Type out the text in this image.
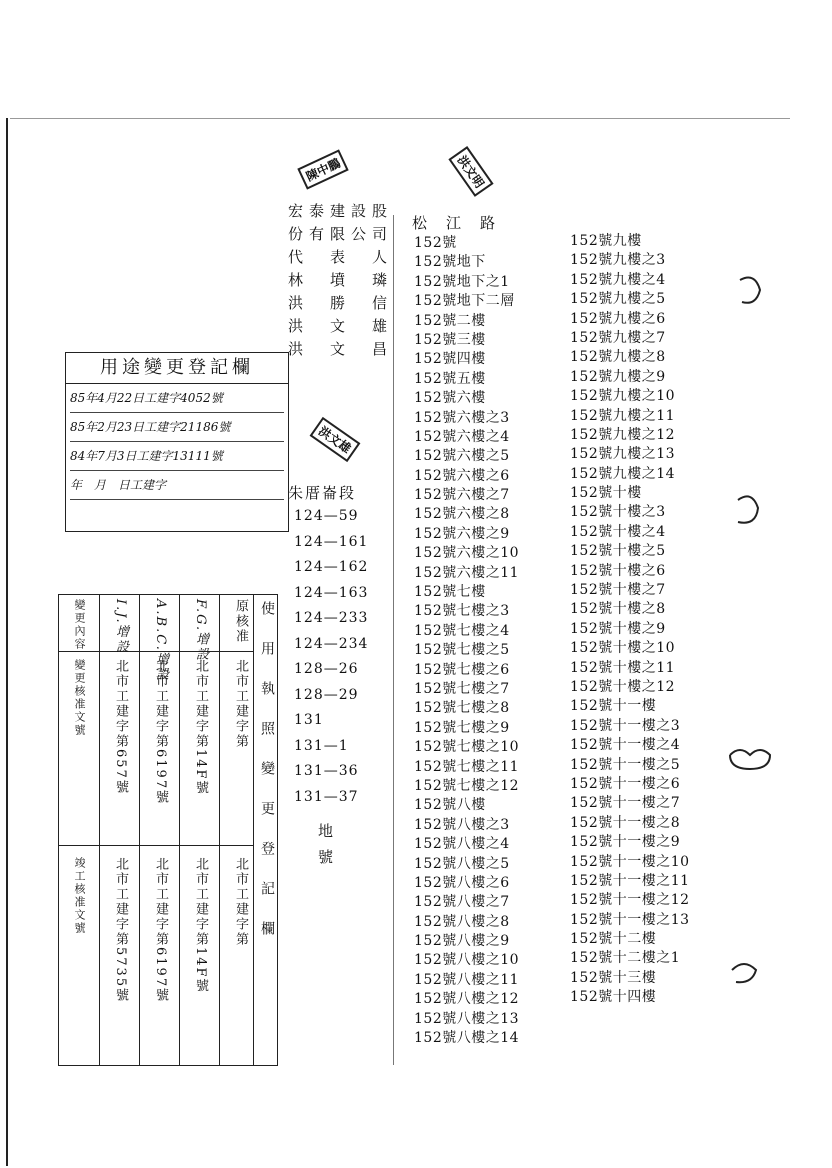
陳中鵬	洪文明
洪文雄
宏泰建設股
份有限公司
代　表　人
林　墳　璘
洪　勝　信
洪　文　雄
洪　文　昌
朱厝崙段
124—59
124—161
124—162
124—163
124—233
124—234
128—26
128—29
131
131—1
131—36
131—37
地
號
松　江　路
152號
152號地下
152號地下之1
152號地下二層
152號二樓
152號三樓
152號四樓
152號五樓
152號六樓
152號六樓之3
152號六樓之4
152號六樓之5
152號六樓之6
152號六樓之7
152號六樓之8
152號六樓之9
152號六樓之10
152號六樓之11
152號七樓
152號七樓之3
152號七樓之4
152號七樓之5
152號七樓之6
152號七樓之7
152號七樓之8
152號七樓之9
152號七樓之10
152號七樓之11
152號七樓之12
152號八樓
152號八樓之3
152號八樓之4
152號八樓之5
152號八樓之6
152號八樓之7
152號八樓之8
152號八樓之9
152號八樓之10
152號八樓之11
152號八樓之12
152號八樓之13
152號八樓之14
152號九樓
152號九樓之3
152號九樓之4
152號九樓之5
152號九樓之6
152號九樓之7
152號九樓之8
152號九樓之9
152號九樓之10
152號九樓之11
152號九樓之12
152號九樓之13
152號九樓之14
152號十樓
152號十樓之3
152號十樓之4
152號十樓之5
152號十樓之6
152號十樓之7
152號十樓之8
152號十樓之9
152號十樓之10
152號十樓之11
152號十樓之12
152號十一樓
152號十一樓之3
152號十一樓之4
152號十一樓之5
152號十一樓之6
152號十一樓之7
152號十一樓之8
152號十一樓之9
152號十一樓之10
152號十一樓之11
152號十一樓之12
152號十一樓之13
152號十二樓
152號十二樓之1
152號十三樓
152號十四樓
用途變更登記欄
85年4月22日工建字4052號
85年2月23日工建字21186號
84年7月3日工建字13111號
年　月　日工建字
使用執照變更登記欄
原核准
北市工建字第
北市工建字第
F.G.增設
北市工建字第14F號
北市工建字第14F號
A.B.C.增設
北市工建字第6197號
北市工建字第6197號
I.J.增設
北市工建字第657號
北市工建字第5735號
變更內容
變更核准文號
竣工核准文號
